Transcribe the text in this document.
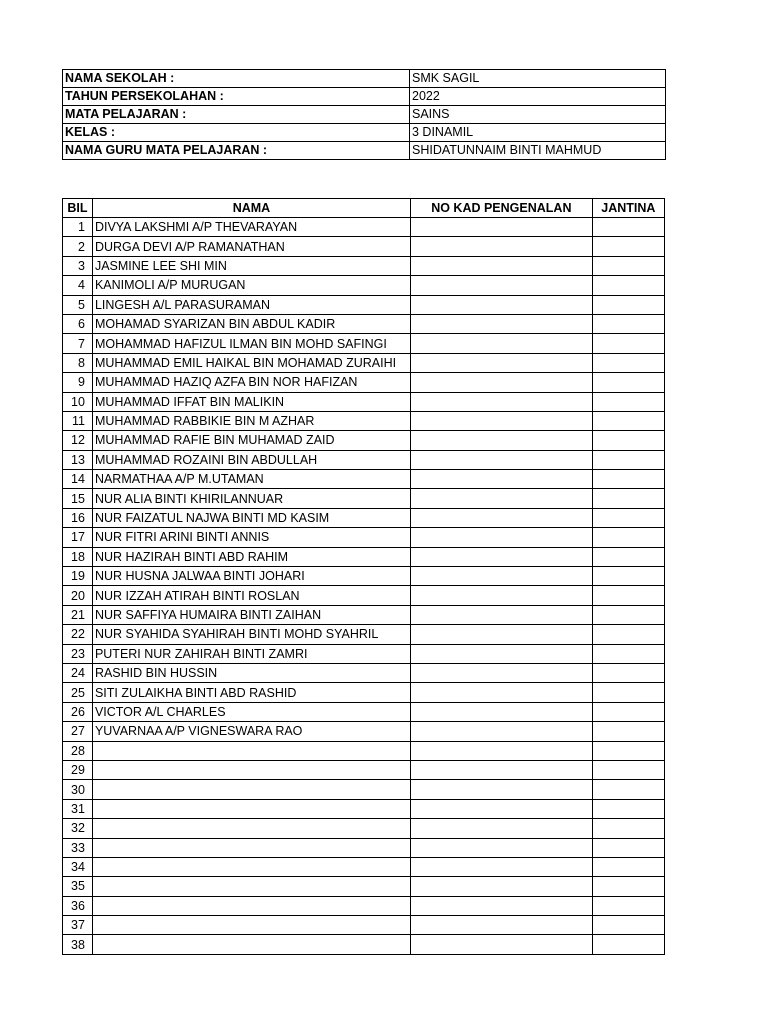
NAMA SEKOLAH :	SMK SAGIL
TAHUN PERSEKOLAHAN :	2022
MATA PELAJARAN :	SAINS
KELAS :	3 DINAMIL
NAMA GURU MATA PELAJARAN :	SHIDATUNNAIM BINTI MAHMUD
BIL	NAMA	NO KAD PENGENALAN	JANTINA
1	DIVYA LAKSHMI A/P THEVARAYAN		
2	DURGA DEVI A/P RAMANATHAN		
3	JASMINE LEE SHI MIN		
4	KANIMOLI A/P MURUGAN		
5	LINGESH A/L PARASURAMAN		
6	MOHAMAD SYARIZAN BIN ABDUL KADIR		
7	MOHAMMAD HAFIZUL ILMAN BIN MOHD SAFINGI		
8	MUHAMMAD EMIL HAIKAL BIN MOHAMAD ZURAIHI		
9	MUHAMMAD HAZIQ AZFA BIN NOR HAFIZAN		
10	MUHAMMAD IFFAT BIN MALIKIN		
11	MUHAMMAD RABBIKIE BIN M AZHAR		
12	MUHAMMAD RAFIE BIN MUHAMAD ZAID		
13	MUHAMMAD ROZAINI BIN ABDULLAH		
14	NARMATHAA A/P M.UTAMAN		
15	NUR ALIA BINTI KHIRILANNUAR		
16	NUR FAIZATUL NAJWA BINTI MD KASIM		
17	NUR FITRI ARINI BINTI ANNIS		
18	NUR HAZIRAH BINTI ABD RAHIM		
19	NUR HUSNA JALWAA BINTI JOHARI		
20	NUR IZZAH ATIRAH BINTI ROSLAN		
21	NUR SAFFIYA HUMAIRA BINTI ZAIHAN		
22	NUR SYAHIDA SYAHIRAH BINTI MOHD SYAHRIL		
23	PUTERI NUR ZAHIRAH BINTI ZAMRI		
24	RASHID BIN HUSSIN		
25	SITI ZULAIKHA BINTI ABD RASHID		
26	VICTOR A/L CHARLES		
27	YUVARNAA A/P VIGNESWARA RAO		
28			
29			
30			
31			
32			
33			
34			
35			
36			
37			
38			
